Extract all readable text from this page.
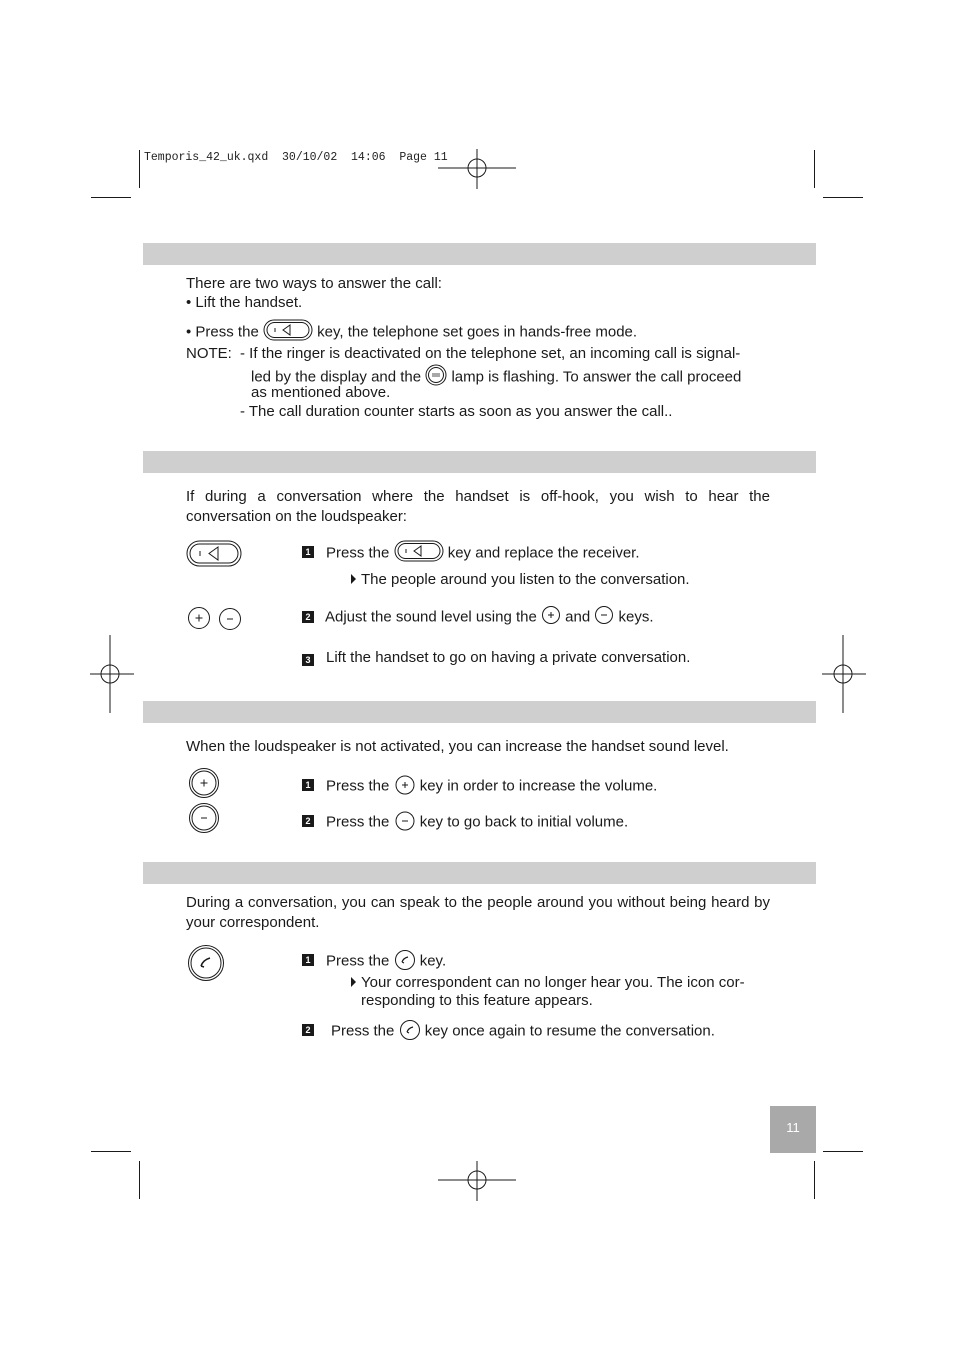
Temporis_42_uk.qxd  30/10/02  14:06  Page 11
There are two ways to answer the call:
• Lift the handset.
• Press the	key, the telephone set goes in hands-free mode.
NOTE: - If the ringer is deactivated on the telephone set, an incoming call is signal-
led by the display and the lamp is flashing. To answer the call proceed
as mentioned above.
- The call duration counter starts as soon as you answer the call..
If during a conversation where the handset is off-hook, you wish to hear the conversation on the loudspeaker:
1 Press the	key and replace the receiver.
The people around you listen to the conversation.
2 Adjust the sound level using the and keys.
3 Lift the handset to go on having a private conversation.
When the loudspeaker is not activated, you can increase the handset sound level.
1 Press the key in order to increase the volume.
2 Press the key to go back to initial volume.
During a conversation, you can speak to the people around you without being heard by your correspondent.
1 Press the key.
Your correspondent can no longer hear you. The icon cor-
responding to this feature appears.
2 Press the key once again to resume the conversation.
11
